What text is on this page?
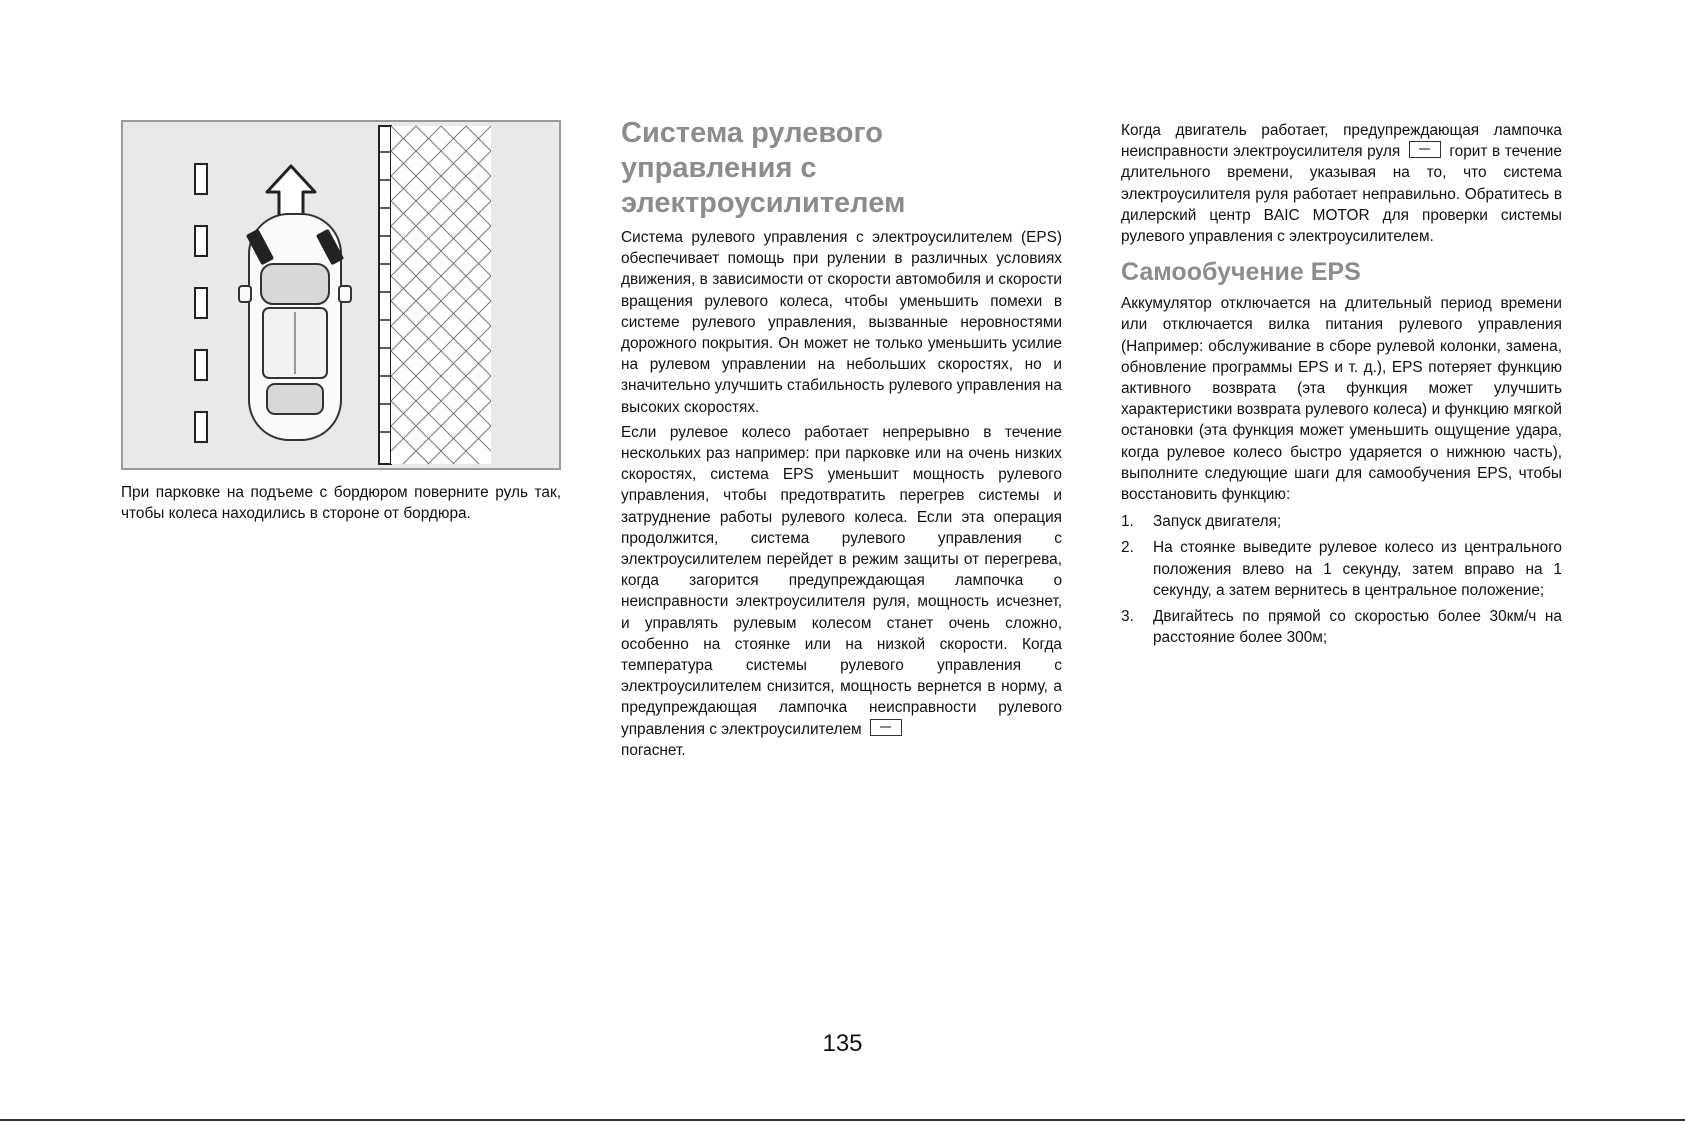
При парковке на подъеме с бордюром поверните руль так, чтобы колеса находились в стороне от бордюра.
Система рулевого управления с электроусилителем

Система рулевого управления с электроусилителем (EPS) обеспечивает помощь при рулении в различных условиях движения, в зависимости от скорости автомобиля и скорости вращения рулевого колеса, чтобы уменьшить помехи в системе рулевого управления, вызванные неровностями дорожного покрытия. Он может не только уменьшить усилие на рулевом управлении на небольших скоростях, но и значительно улучшить стабильность рулевого управления на высоких скоростях.

Если рулевое колесо работает непрерывно в течение нескольких раз например: при парковке или на очень низких скоростях, система EPS уменьшит мощность рулевого управления, чтобы предотвратить перегрев системы и затруднение работы рулевого колеса. Если эта операция продолжится, система рулевого управления с электроусилителем перейдет в режим защиты от перегрева, когда загорится предупреждающая лампочка о неисправности электроусилителя руля, мощность исчезнет, и управлять рулевым колесом станет очень сложно, особенно на стоянке или на низкой скорости. Когда температура системы рулевого управления с электроусилителем снизится, мощность вернется в норму, а предупреждающая лампочка неисправности рулевого управления с электроусилителем
погаснет.

Когда двигатель работает, предупреждающая лампочка неисправности электроусилителя руля	горит в течение длительного времени, указывая на то, что система электроусилителя руля работает неправильно. Обратитесь в дилерский центр BAIC MOTOR для проверки системы рулевого управления с электроусилителем.

Самообучение EPS

Аккумулятор отключается на длительный период времени или отключается вилка питания рулевого управления (Например: обслуживание в сборе рулевой колонки, замена, обновление программы EPS и т. д.), EPS потеряет функцию активного возврата (эта функция может улучшить характеристики возврата рулевого колеса) и функцию мягкой остановки (эта функция может уменьшить ощущение удара, когда рулевое колесо быстро ударяется о нижнюю часть), выполните следующие шаги для самообучения EPS, чтобы восстановить функцию:

1. Запуск двигателя;
2. На стоянке выведите рулевое колесо из центрального положения влево на 1 секунду, затем вправо на 1 секунду, а затем вернитесь в центральное положение;
3. Двигайтесь по прямой со скоростью более 30км/ч на расстояние более 300м;
135
